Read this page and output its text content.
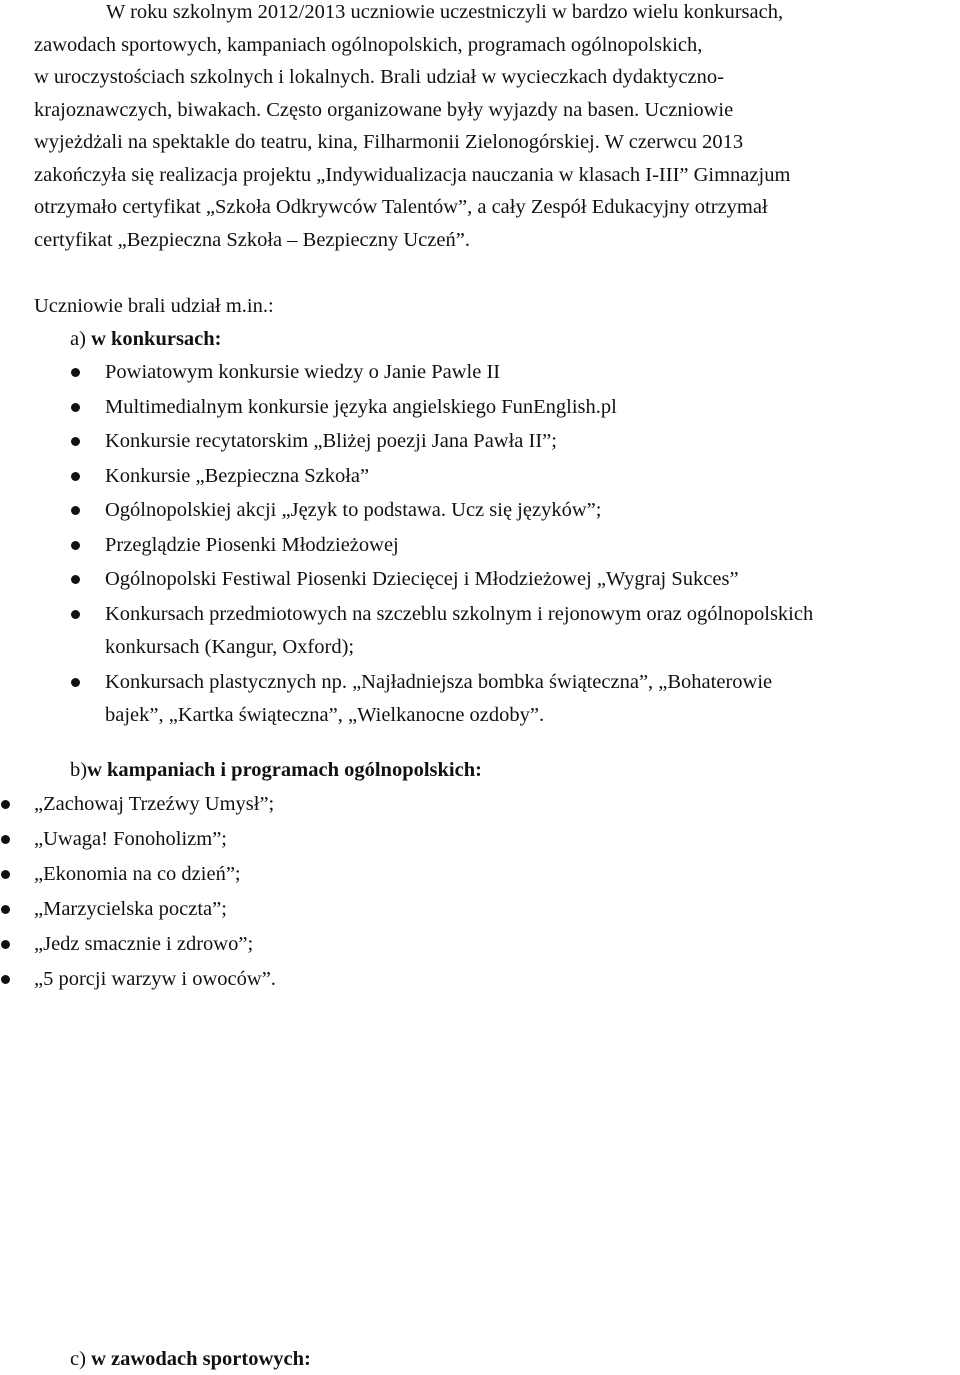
W roku szkolnym 2012/2013 uczniowie uczestniczyli w bardzo wielu konkursach,
zawodach sportowych, kampaniach ogólnopolskich, programach ogólnopolskich,
w uroczystościach szkolnych i lokalnych. Brali udział w wycieczkach dydaktyczno-
krajoznawczych, biwakach. Często organizowane były wyjazdy na basen. Uczniowie
wyjeżdżali na spektakle do teatru, kina, Filharmonii Zielonogórskiej. W czerwcu 2013
zakończyła się realizacja projektu „Indywidualizacja nauczania w klasach I-III” Gimnazjum
otrzymało certyfikat „Szkoła Odkrywców Talentów”, a cały Zespół Edukacyjny otrzymał
certyfikat „Bezpieczna Szkoła – Bezpieczny Uczeń”.
Uczniowie brali udział m.in.:
a) w konkursach:
Powiatowym konkursie wiedzy o Janie Pawle II
Multimedialnym konkursie języka angielskiego FunEnglish.pl
Konkursie recytatorskim „Bliżej poezji Jana Pawła II”;
Konkursie „Bezpieczna Szkoła”
Ogólnopolskiej akcji „Język to podstawa. Ucz się języków”;
Przeglądzie Piosenki Młodzieżowej
Ogólnopolski Festiwal Piosenki Dziecięcej i Młodzieżowej „Wygraj Sukces”
Konkursach przedmiotowych na szczeblu szkolnym i rejonowym oraz ogólnopolskich
konkursach (Kangur, Oxford);
Konkursach plastycznych np. „Najładniejsza bombka świąteczna”, „Bohaterowie
bajek”, „Kartka świąteczna”, „Wielkanocne ozdoby”.
b)w kampaniach i programach ogólnopolskich:
„Zachowaj Trzeźwy Umysł”;
„Uwaga! Fonoholizm”;
„Ekonomia na co dzień”;
„Marzycielska poczta”;
„Jedz smacznie i zdrowo”;
„5 porcji warzyw i owoców”.
c) w zawodach sportowych:
